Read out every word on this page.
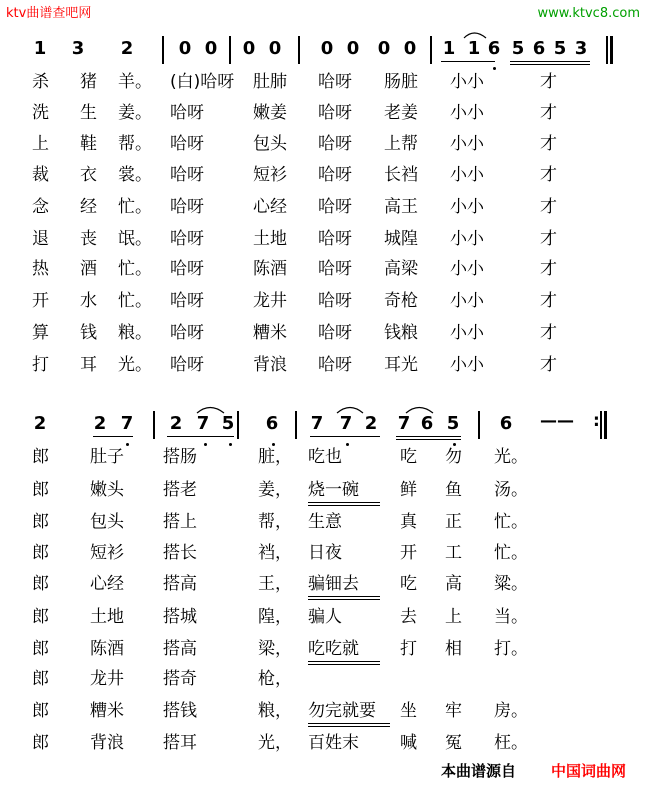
ktv曲谱查吧网	www.ktvc8.com
1 3 2	0 0 0 0 0 0 0 0 1 1 6 5 6 5 3
杀 猪 羊。 (白)哈呀 肚肺 哈呀 肠脏 小小	才
洗 生 姜。 哈呀	嫩姜 哈呀 老姜 小小	才
上 鞋 帮。 哈呀	包头 哈呀 上帮 小小	才
裁 衣 裳。 哈呀	短衫 哈呀 长裆 小小	才
念 经 忙。 哈呀	心经 哈呀 高王 小小	才
退 丧 氓。 哈呀	土地 哈呀 城隍 小小	才
热 酒 忙。 哈呀	陈酒 哈呀 高梁 小小	才
开 水 忙。 哈呀	龙井 哈呀 奇枪 小小	才
算 钱 粮。 哈呀	糟米 哈呀 钱粮 小小	才
打 耳 光。 哈呀	背浪 哈呀 耳光 小小	才
2	2 7 2 7 5 6 7 7 2 7 6 5 6 —— :
郎 肚子 搭肠	脏， 吃也	吃 勿 光。
郎 嫩头 搭老	姜， 烧一碗 鲜 鱼 汤。
郎 包头 搭上	帮， 生意	真 正 忙。
郎 短衫 搭长	裆， 日夜	开 工 忙。
郎 心经 搭高	王， 骗钿去 吃 高 粱。
郎 土地 搭城	隍， 骗人	去 上 当。
郎 陈酒 搭高	梁， 吃吃就 打 相 打。
郎 龙井 搭奇	枪，
郎 糟米 搭钱	粮， 勿完就要 坐 牢 房。
郎 背浪 搭耳	光， 百姓末 喊 冤 枉。
本曲谱源自 中国词曲网
